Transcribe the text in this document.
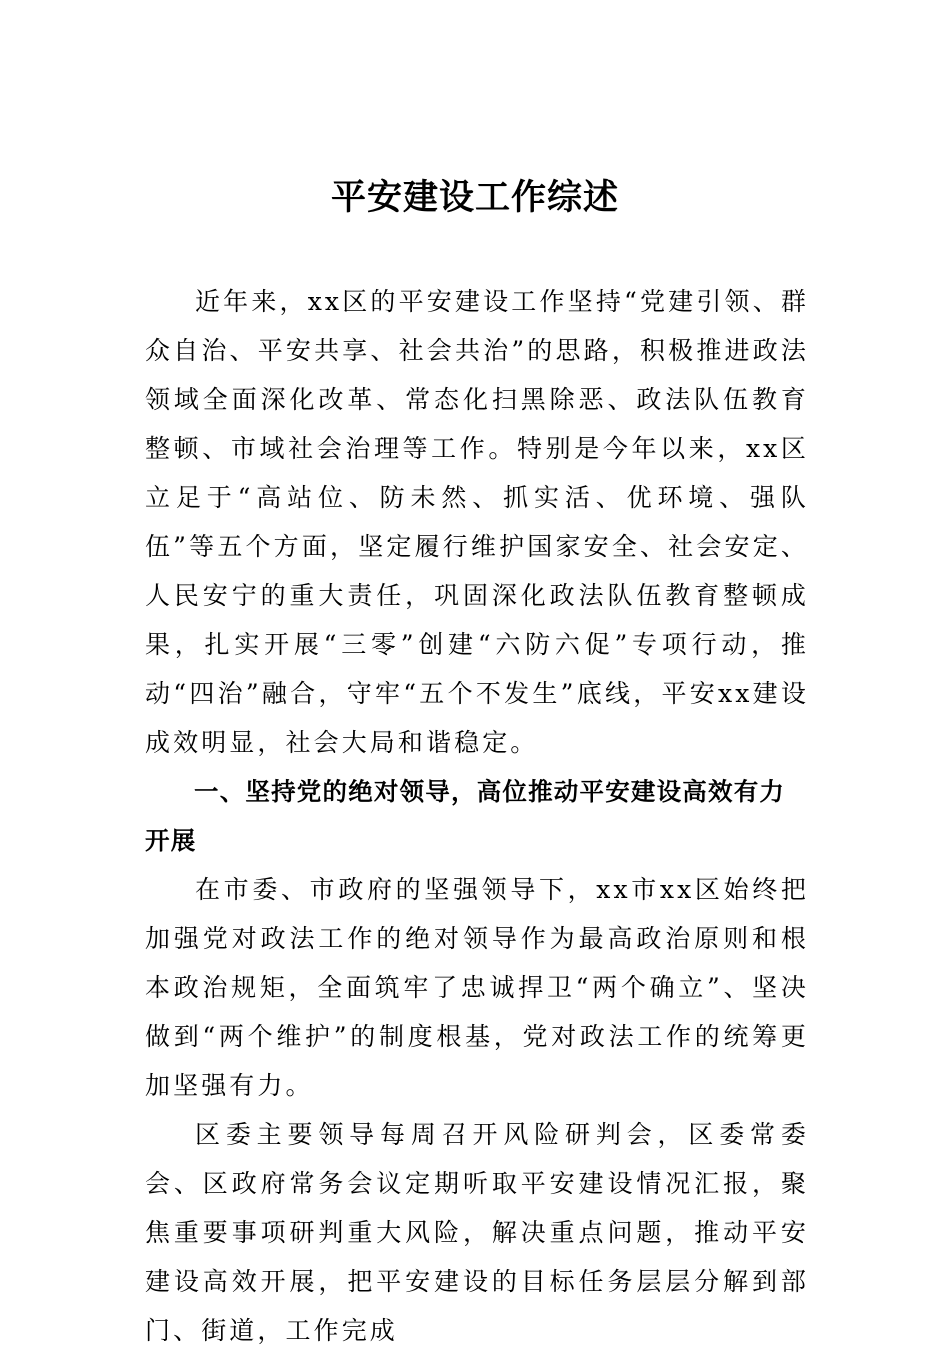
平安建设工作综述

近年来，xx区的平安建设工作坚持“党建引领、群众自治、平安共享、社会共治”的思路，积极推进政法领域全面深化改革、常态化扫黑除恶、政法队伍教育整顿、市域社会治理等工作。特别是今年以来，xx区立足于“高站位、防未然、抓实活、优环境、强队伍”等五个方面，坚定履行维护国家安全、社会安定、人民安宁的重大责任，巩固深化政法队伍教育整顿成果，扎实开展“三零”创建“六防六促”专项行动，推动“四治”融合，守牢“五个不发生”底线，平安xx建设成效明显，社会大局和谐稳定。

一、坚持党的绝对领导，高位推动平安建设高效有力开展

在市委、市政府的坚强领导下，xx市xx区始终把加强党对政法工作的绝对领导作为最高政治原则和根本政治规矩，全面筑牢了忠诚捍卫“两个确立”、坚决做到“两个维护”的制度根基，党对政法工作的统筹更加坚强有力。

区委主要领导每周召开风险研判会，区委常委会、区政府常务会议定期听取平安建设情况汇报，聚焦重要事项研判重大风险，解决重点问题，推动平安建设高效开展，把平安建设的目标任务层层分解到部门、街道，工作完成
